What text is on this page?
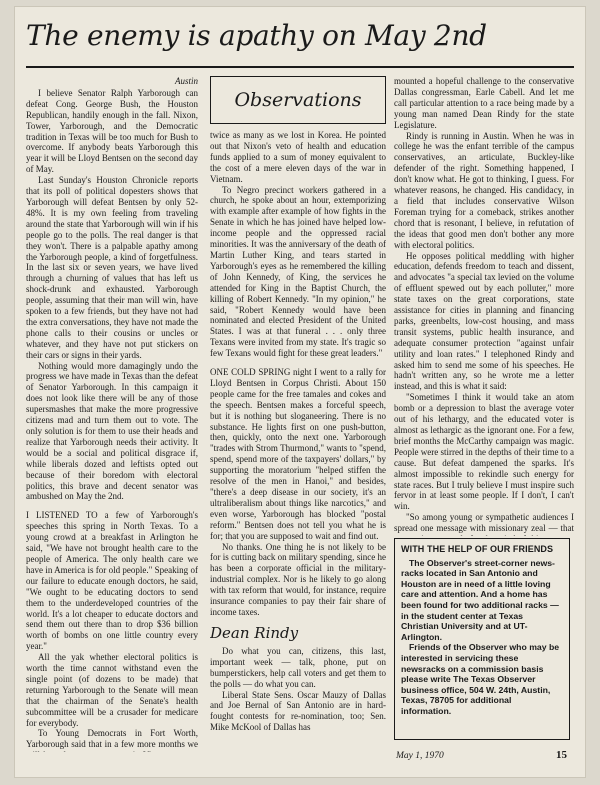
The enemy is apathy on May 2nd
Austin

I believe Senator Ralph Yarborough can defeat Cong. George Bush, the Houston Republican, handily enough in the fall. Nixon, Tower, Yarborough, and the Democratic tradition in Texas will be too much for Bush to overcome. If anybody beats Yarborough this year it will be Lloyd Bentsen on the second day of May.

Last Sunday's Houston Chronicle reports that its poll of political dopesters shows that Yarborough will defeat Bentsen by only 52-48%. It is my own feeling from traveling around the state that Yarborough will win if his people go to the polls. The real danger is that they won't. There is a palpable apathy among the Yarborough people, a kind of forgetfulness. In the last six or seven years, we have lived through a churning of values that has left us shock-drunk and exhausted. Yarborough people, assuming that their man will win, have spoken to a few friends, but they have not had the extra conversations, they have not made the phone calls to their cousins or uncles or whatever, and they have not put stickers on their cars or signs in their yards.

Nothing would more damagingly undo the progress we have made in Texas than the defeat of Senator Yarborough. In this campaign it does not look like there will be any of those supersmashes that make the more progressive citizens mad and turn them out to vote. The only solution is for them to use their heads and realize that Yarborough needs their activity. It would be a social and political disgrace if, while liberals dozed and leftists opted out because of their boredom with electoral politics, this brave and decent senator was ambushed on May the 2nd.

I LISTENED TO a few of Yarborough's speeches this spring in North Texas. To a young crowd at a breakfast in Arlington he said, "We have not brought health care to the people of America. The only health care we have in America is for old people." Speaking of our failure to educate enough doctors, he said, "We ought to be educating doctors to send them to the underdeveloped countries of the world. It's a lot cheaper to educate doctors and send them out there than to drop $36 billion worth of bombs on one little country every year."

All the yak whether electoral politics is worth the time cannot withstand even the single point (of dozens to be made) that returning Yarborough to the Senate will mean that the chairman of the Senate's health subcommittee will be a crusader for medicare for everybody.

To Young Democrats in Fort Worth, Yarborough said that in a few more months we

Observations

twice as many as we lost in Korea. He pointed out that Nixon's veto of health and education funds applied to a sum of money equivalent to the cost of a mere eleven days of the war in Vietnam.

To Negro precinct workers gathered in a church, he spoke about an hour, extemporizing with example after example of how fights in the Senate in which he has joined have helped low-income people and the oppressed racial minorities. It was the anniversary of the death of Martin Luther King, and tears started in Yarborough's eyes as he remembered the killing of John Kennedy, of King, the services he attended for King in the Baptist Church, the killing of Robert Kennedy. "In my opinion," he said, "Robert Kennedy would have been nominated and elected President of the United States. I was at that funeral . . . only three Texans were invited from my state. It's tragic so few Texans would fight for these great leaders."

ONE COLD SPRING night I went to a rally for Lloyd Bentsen in Corpus Christi. About 150 people came for the free tamales and cokes and the speech. Bentsen makes a forceful speech, but it is nothing but sloganeering. There is no substance. He lights first on one push-button, then, quickly, onto the next one. Yarborough "trades with Strom Thurmond," wants to "spend, spend, spend more of the taxpayers' dollars," by supporting the moratorium "helped stiffen the resolve of the men in Hanoi," and besides, "there's a deep disease in our society, it's an ultraliberalism about things like narcotics," and even worse, Yarborough has blocked "postal reform." Bentsen does not tell you what he is for; that you are supposed to wait and find out.

No thanks. One thing he is not likely to be for is cutting back on military spending, since he has been a corporate official in the military-industrial complex. Nor is he likely to go along with tax reform that would, for instance, require insurance companies to pay their fair share of income taxes.

Dean Rindy

Do what you can, citizens, this last, important week — talk, phone, put on bumperstickers, help call voters and get them to the polls — do what you can.

Liberal State Sens. Oscar Mauzy of Dallas and Joe Bernal of San Antonio are in hard-fought contests for re-nomination, too; Sen. Mike McKool of Dallas has

mounted a hopeful challenge to the conservative Dallas congressman, Earle Cabell. And let me call particular attention to a race being made by a young man named Dean Rindy for the state Legislature.

Rindy is running in Austin. When he was in college he was the enfant terrible of the campus conservatives, an articulate, Buckley-like defender of the right. Something happened, I don't know what. He got to thinking, I guess. For whatever reasons, he changed. His candidacy, in a field that includes conservative Wilson Foreman trying for a comeback, strikes another chord that is resonant, I believe, in refutation of the ideas that good men don't bother any more with electoral politics.

He opposes political meddling with higher education, defends freedom to teach and dissent, and advocates "a special tax levied on the volume of effluent spewed out by each polluter," more state taxes on the great corporations, state assistance for cities in planning and financing parks, greenbelts, low-cost housing, and mass transit systems, public health insurance, and adequate consumer protection "against unfair utility and loan rates." I telephoned Rindy and asked him to send me some of his speeches. He hadn't written any, so he wrote me a letter instead, and this is what it said:

"Sometimes I think it would take an atom bomb or a depression to blast the average voter out of his lethargy, and the educated voter is almost as lethargic as the ignorant one. For a few, brief months the McCarthy campaign was magic. People were stirred in the depths of their time to a cause. But defeat dampened the sparks. It's almost impossible to rekindle such energy for state races. But I truly believe I must inspire such fervor in at least some people. If I don't, I can't win.

"So among young or sympathetic audiences I spread one message with missionary zeal — that

WITH THE HELP OF OUR FRIENDS

The Observer's street-corner news-racks located in San Antonio and Houston are in need of a little loving care and attention. And a home has been found for two additional racks — in the student center at Texas Christian University and at UT-Arlington.

Friends of the Observer who may be interested in servicing these newsracks on a commission basis please write The Texas Observer business office, 504 W. 24th, Austin, Texas, 78705 for additional information.

May 1, 1970	15
